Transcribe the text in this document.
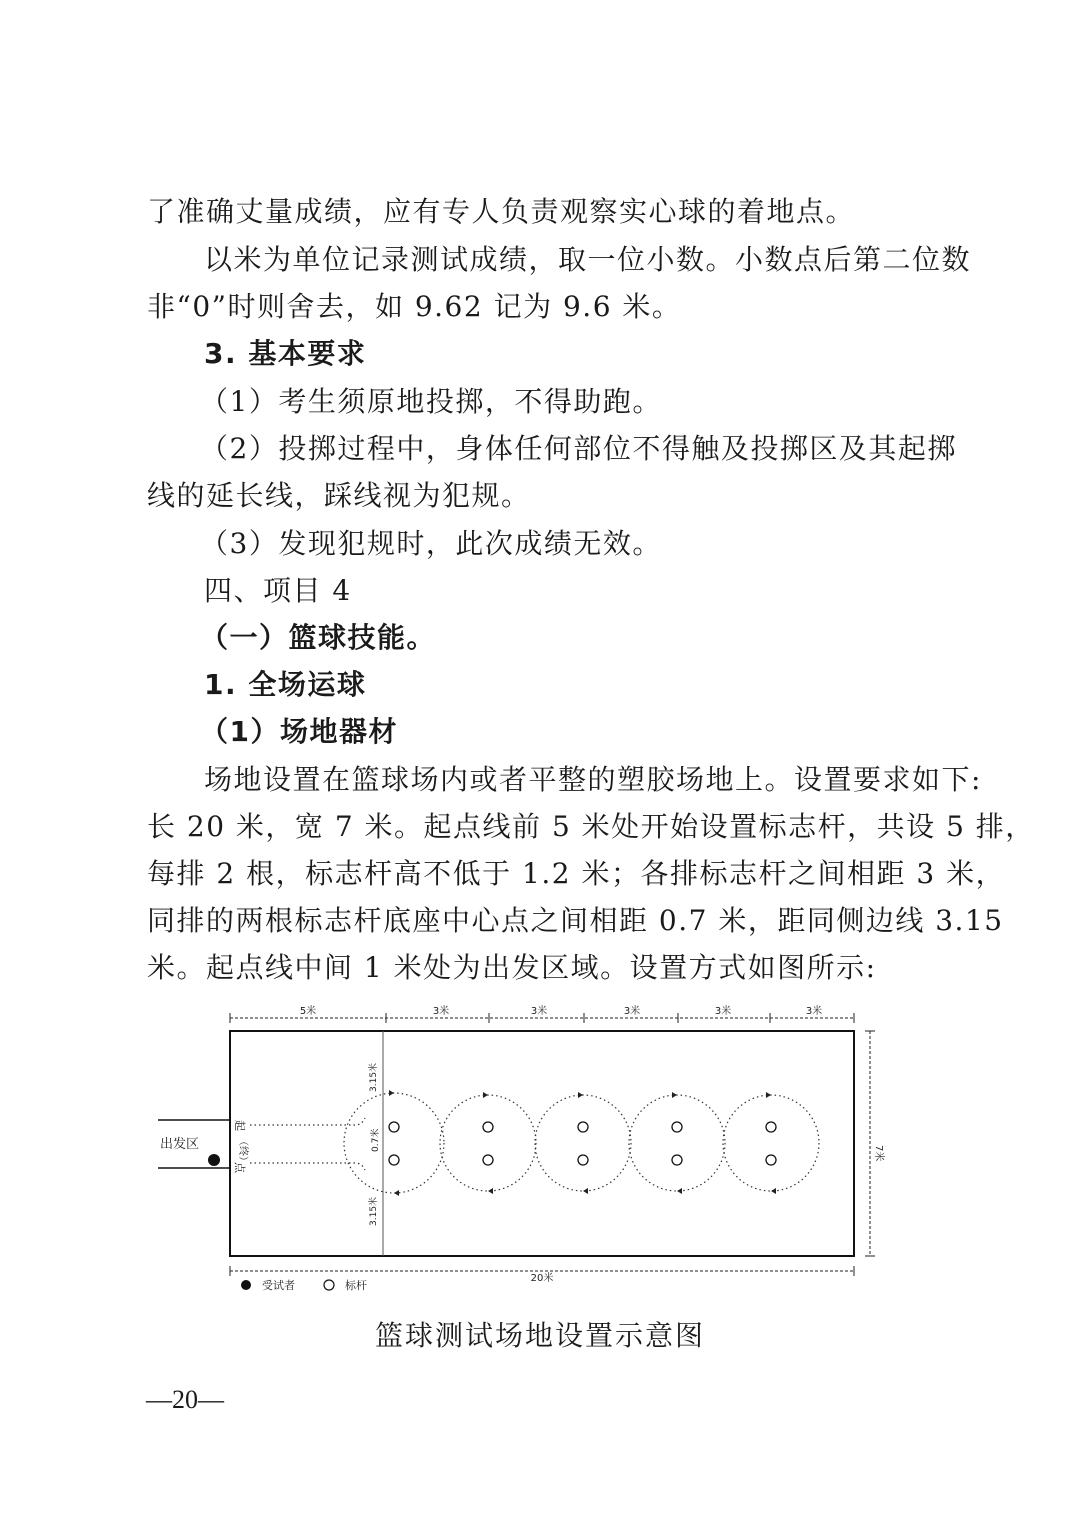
了准确丈量成绩，应有专人负责观察实心球的着地点。
以米为单位记录测试成绩，取一位小数。小数点后第二位数
非“0”时则舍去，如 9.62 记为 9.6 米。
3. 基本要求
（1）考生须原地投掷，不得助跑。
（2）投掷过程中，身体任何部位不得触及投掷区及其起掷
线的延长线，踩线视为犯规。
（3）发现犯规时，此次成绩无效。
四、项目 4
（一）篮球技能。
1. 全场运球
（1）场地器材
场地设置在篮球场内或者平整的塑胶场地上。设置要求如下:
长 20 米，宽 7 米。起点线前 5 米处开始设置标志杆，共设 5 排，
每排 2 根，标志杆高不低于 1.2 米；各排标志杆之间相距 3 米，
同排的两根标志杆底座中心点之间相距 0.7 米，距同侧边线 3.15
米。起点线中间 1 米处为出发区域。设置方式如图所示:
5米	3米	3米	3米	3米	3米
出发区
起
（终）
点
3.15米
0.7米
3.15米
7米
20米
受试者	标杆
篮球测试场地设置示意图
—20—
